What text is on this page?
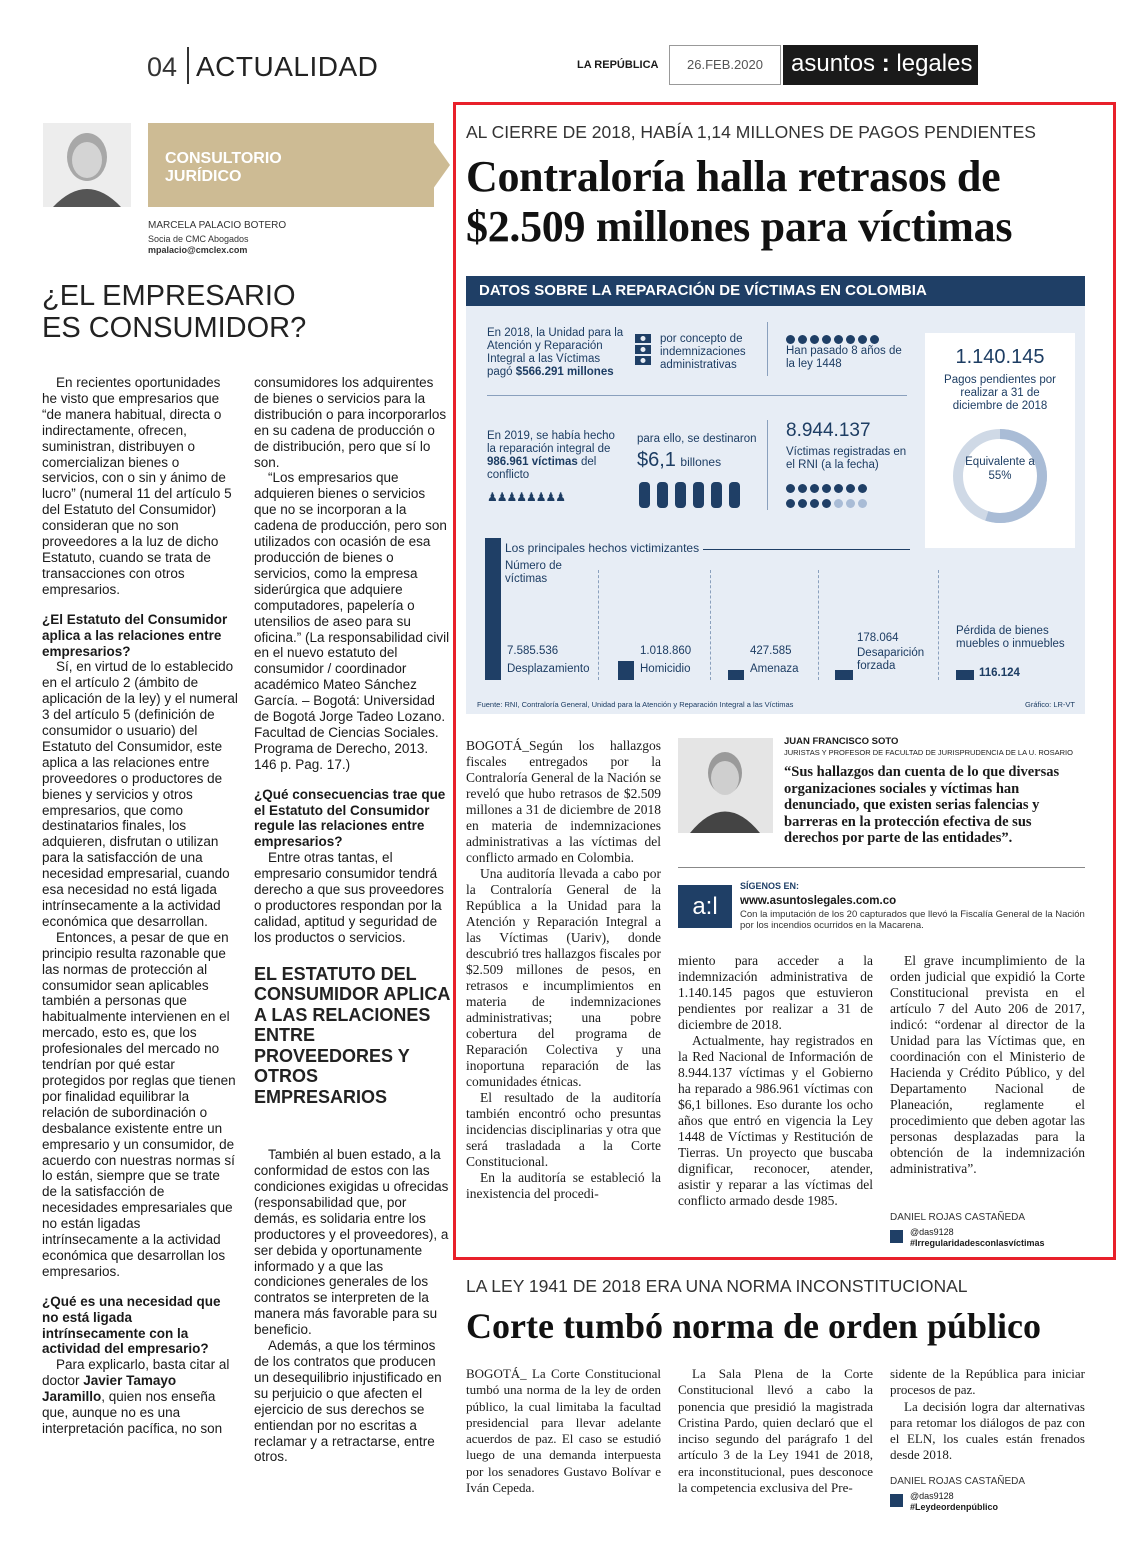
04 ACTUALIDAD	LA REPÚBLICA	26.FEB.2020	asuntos : legales
CONSULTORIO
JURÍDICO
MARCELA PALACIO BOTERO
Socia de CMC Abogados
mpalacio@cmclex.com
¿EL EMPRESARIO
ES CONSUMIDOR?

En recientes oportunidades he visto que empresarios que “de manera habitual, directa o indirectamente, ofrecen, suministran, distribuyen o comercializan bienes o servicios, con o sin y ánimo de lucro” (numeral 11 del artículo 5 del Estatuto del Consumidor) consideran que no son proveedores a la luz de dicho Estatuto, cuando se trata de transacciones con otros empresarios.

¿El Estatuto del Consumidor aplica a las relaciones entre empresarios?

Sí, en virtud de lo establecido en el artículo 2 (ámbito de aplicación de la ley) y el numeral 3 del artículo 5 (definición de consumidor o usuario) del Estatuto del Consumidor, este aplica a las relaciones entre proveedores o productores de bienes y servicios y otros empresarios, que como destinatarios finales, los adquieren, disfrutan o utilizan para la satisfacción de una necesidad empresarial, cuando esa necesidad no está ligada intrínsecamente a la actividad económica que desarrollan.

Entonces, a pesar de que en principio resulta razonable que las normas de protección al consumidor sean aplicables también a personas que habitualmente intervienen en el mercado, esto es, que los profesionales del mercado no tendrían por qué estar protegidos por reglas que tienen por finalidad equilibrar la relación de subordinación o desbalance existente entre un empresario y un consumidor, de acuerdo con nuestras normas sí lo están, siempre que se trate de la satisfacción de necesidades empresariales que no están ligadas intrínsecamente a la actividad económica que desarrollan los empresarios.

¿Qué es una necesidad que no está ligada intrínsecamente con la actividad del empresario?

Para explicarlo, basta citar al doctor Javier Tamayo Jaramillo, quien nos enseña que, aunque no es una interpretación pacífica, no son

consumidores los adquirentes de bienes o servicios para la distribución o para incorporarlos en su cadena de producción o de distribución, pero que sí lo son.

“Los empresarios que adquieren bienes o servicios que no se incorporan a la cadena de producción, pero son utilizados con ocasión de esa producción de bienes o servicios, como la empresa siderúrgica que adquiere computadores, papelería o utensilios de aseo para su oficina.” (La responsabilidad civil en el nuevo estatuto del consumidor / coordinador académico Mateo Sánchez García. – Bogotá: Universidad de Bogotá Jorge Tadeo Lozano. Facultad de Ciencias Sociales. Programa de Derecho, 2013. 146 p. Pag. 17.)

¿Qué consecuencias trae que el Estatuto del Consumidor regule las relaciones entre empresarios?

Entre otras tantas, el empresario consumidor tendrá derecho a que sus proveedores o productores respondan por la calidad, aptitud y seguridad de los productos o servicios.

EL ESTATUTO DEL CONSUMIDOR APLICA A LAS RELACIONES ENTRE PROVEEDORES Y OTROS EMPRESARIOS

También al buen estado, a la conformidad de estos con las condiciones exigidas u ofrecidas (responsabilidad que, por demás, es solidaria entre los productores y el proveedores), a ser debida y oportunamente informado y a que las condiciones generales de los contratos se interpreten de la manera más favorable para su beneficio.

Además, a que los términos de los contratos que producen un desequilibrio injustificado en su perjuicio o que afecten el ejercicio de sus derechos se entiendan por no escritas a reclamar y a retractarse, entre otros.

AL CIERRE DE 2018, HABÍA 1,14 MILLONES DE PAGOS PENDIENTES
Contraloría halla retrasos de
$2.509 millones para víctimas
DATOS SOBRE LA REPARACIÓN DE VÍCTIMAS EN COLOMBIA
En 2018, la Unidad para la Atención y Reparación Integral a las Víctimas pagó $566.291 millones
por concepto de indemnizaciones administrativas
Han pasado 8 años de la ley 1448	1.140.145
Pagos pendientes por realizar a 31 de diciembre de 2018
Equivalente a 55%
En 2019, se había hecho la reparación integral de 986.961 víctimas del conflicto
♟♟♟♟♟♟♟♟
para ello, se destinaron
$6,1 billones
8.944.137
Víctimas registradas en el RNI (a la fecha)

Los principales hechos victimizantes
Número de víctimas
7.585.536
Desplazamiento
1.018.860
Homicidio
427.585
Amenaza
178.064
Desaparición forzada
116.124
Pérdida de bienes muebles o inmuebles
Fuente: RNI, Contraloría General, Unidad para la Atención y Reparación Integral a las Víctimas	Gráfico: LR-VT

BOGOTÁ_Según los hallazgos fiscales entregados por la Contraloría General de la Nación se reveló que hubo retrasos de $2.509 millones a 31 de diciembre de 2018 en materia de indemnizaciones administrativas a las víctimas del conflicto armado en Colombia.

Una auditoría llevada a cabo por la Contraloría General de la República a la Unidad para la Atención y Reparación Integral a las Víctimas (Uariv), donde descubrió tres hallazgos fiscales por $2.509 millones de pesos, en retrasos e incumplimientos en materia de indemnizaciones administrativas; una pobre cobertura del programa de Reparación Colectiva y una inoportuna reparación de las comunidades étnicas.

El resultado de la auditoría también encontró ocho presuntas incidencias disciplinarias y otra que será trasladada a la Corte Constitucional.

En la auditoría se estableció la inexistencia del procedi-

JUAN FRANCISCO SOTO
JURISTAS Y PROFESOR DE FACULTAD DE JURISPRUDENCIA DE LA U. ROSARIO
“Sus hallazgos dan cuenta de lo que diversas organizaciones sociales y víctimas han denunciado, que existen serias falencias y barreras en la protección efectiva de sus derechos por parte de las entidades”.
a:l
SÍGENOS EN:
www.asuntoslegales.com.co
Con la imputación de los 20 capturados que llevó la Fiscalía General de la Nación por los incendios ocurridos en la Macarena.

miento para acceder a la indemnización administrativa de 1.140.145 pagos que estuvieron pendientes por realizar a 31 de diciembre de 2018.

Actualmente, hay registrados en la Red Nacional de Información de 8.944.137 víctimas y el Gobierno ha reparado a 986.961 víctimas con $6,1 billones. Eso durante los ocho años que entró en vigencia la Ley 1448 de Víctimas y Restitución de Tierras. Un proyecto que buscaba dignificar, reconocer, atender, asistir y reparar a las víctimas del conflicto armado desde 1985.

El grave incumplimiento de la orden judicial que expidió la Corte Constitucional prevista en el artículo 7 del Auto 206 de 2017, indicó: “ordenar al director de la Unidad para las Víctimas que, en coordinación con el Ministerio de Hacienda y Crédito Público, y del Departamento Nacional de Planeación, reglamente el procedimiento que deben agotar las personas desplazadas para la obtención de la indemnización administrativa”.

DANIEL ROJAS CASTAÑEDA
@das9128
#Irregularidadesconlasvíctimas
LA LEY 1941 DE 2018 ERA UNA NORMA INCONSTITUCIONAL
Corte tumbó norma de orden público

BOGOTÁ_ La Corte Constitucional tumbó una norma de la ley de orden público, la cual limitaba la facultad presidencial para llevar adelante acuerdos de paz. El caso se estudió luego de una demanda interpuesta por los senadores Gustavo Bolívar e Iván Cepeda.

La Sala Plena de la Corte Constitucional llevó a cabo la ponencia que presidió la magistrada Cristina Pardo, quien declaró que el inciso segundo del parágrafo 1 del artículo 3 de la Ley 1941 de 2018, era inconstitucional, pues desconoce la competencia exclusiva del Pre-

sidente de la República para iniciar procesos de paz.

La decisión logra dar alternativas para retomar los diálogos de paz con el ELN, los cuales están frenados desde 2018.

DANIEL ROJAS CASTAÑEDA
@das9128
#Leydeordenpúblico
